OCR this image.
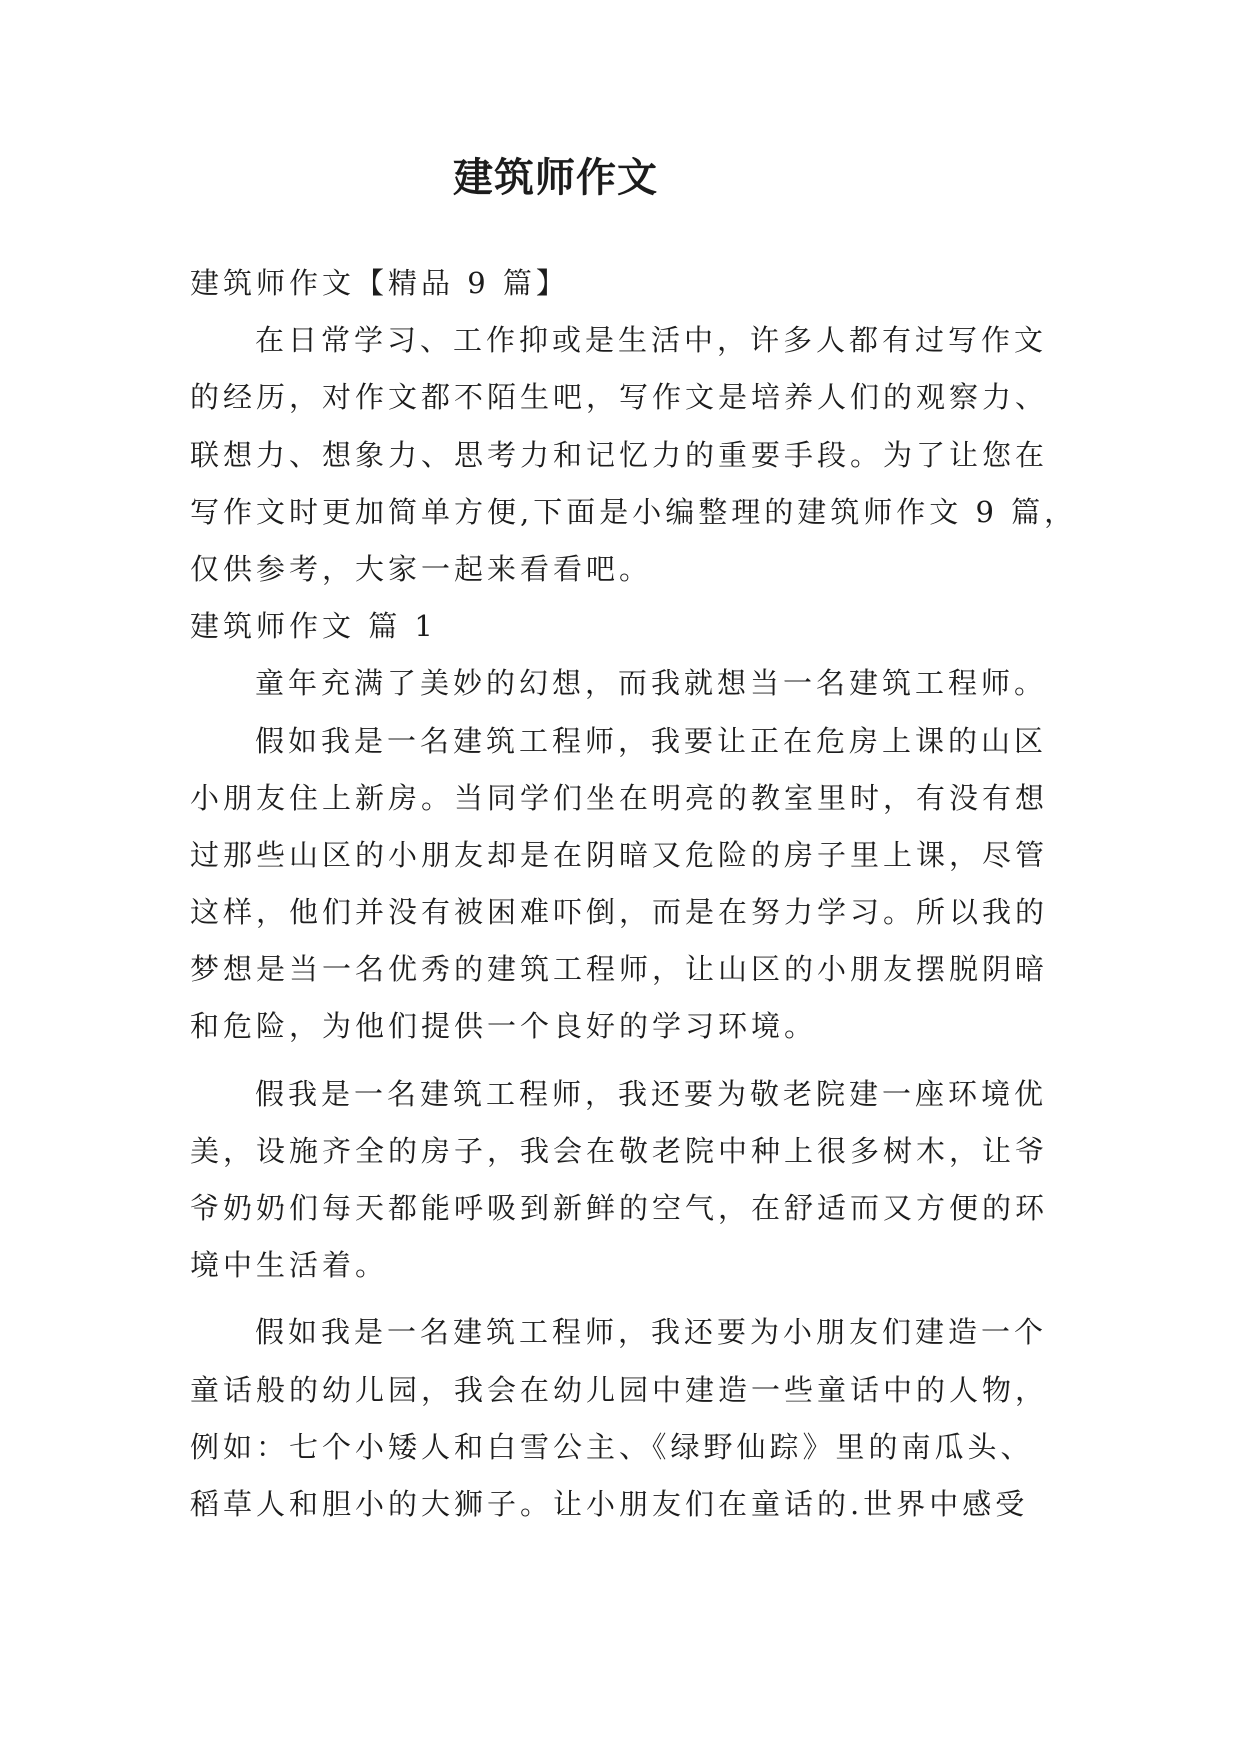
建筑师作文
建筑师作文【精品 9 篇】
在日常学习、工作抑或是生活中，许多人都有过写作文
的经历，对作文都不陌生吧，写作文是培养人们的观察力、
联想力、想象力、思考力和记忆力的重要手段。为了让您在
写作文时更加简单方便,下面是小编整理的建筑师作文 9 篇，
仅供参考，大家一起来看看吧。
建筑师作文 篇 1
童年充满了美妙的幻想，而我就想当一名建筑工程师。
假如我是一名建筑工程师，我要让正在危房上课的山区
小朋友住上新房。当同学们坐在明亮的教室里时，有没有想
过那些山区的小朋友却是在阴暗又危险的房子里上课，尽管
这样，他们并没有被困难吓倒，而是在努力学习。所以我的
梦想是当一名优秀的建筑工程师，让山区的小朋友摆脱阴暗
和危险，为他们提供一个良好的学习环境。
假我是一名建筑工程师，我还要为敬老院建一座环境优
美，设施齐全的房子，我会在敬老院中种上很多树木，让爷
爷奶奶们每天都能呼吸到新鲜的空气，在舒适而又方便的环
境中生活着。
假如我是一名建筑工程师，我还要为小朋友们建造一个
童话般的幼儿园，我会在幼儿园中建造一些童话中的人物，
例如：七个小矮人和白雪公主、《绿野仙踪》里的南瓜头、
稻草人和胆小的大狮子。让小朋友们在童话的.世界中感受
